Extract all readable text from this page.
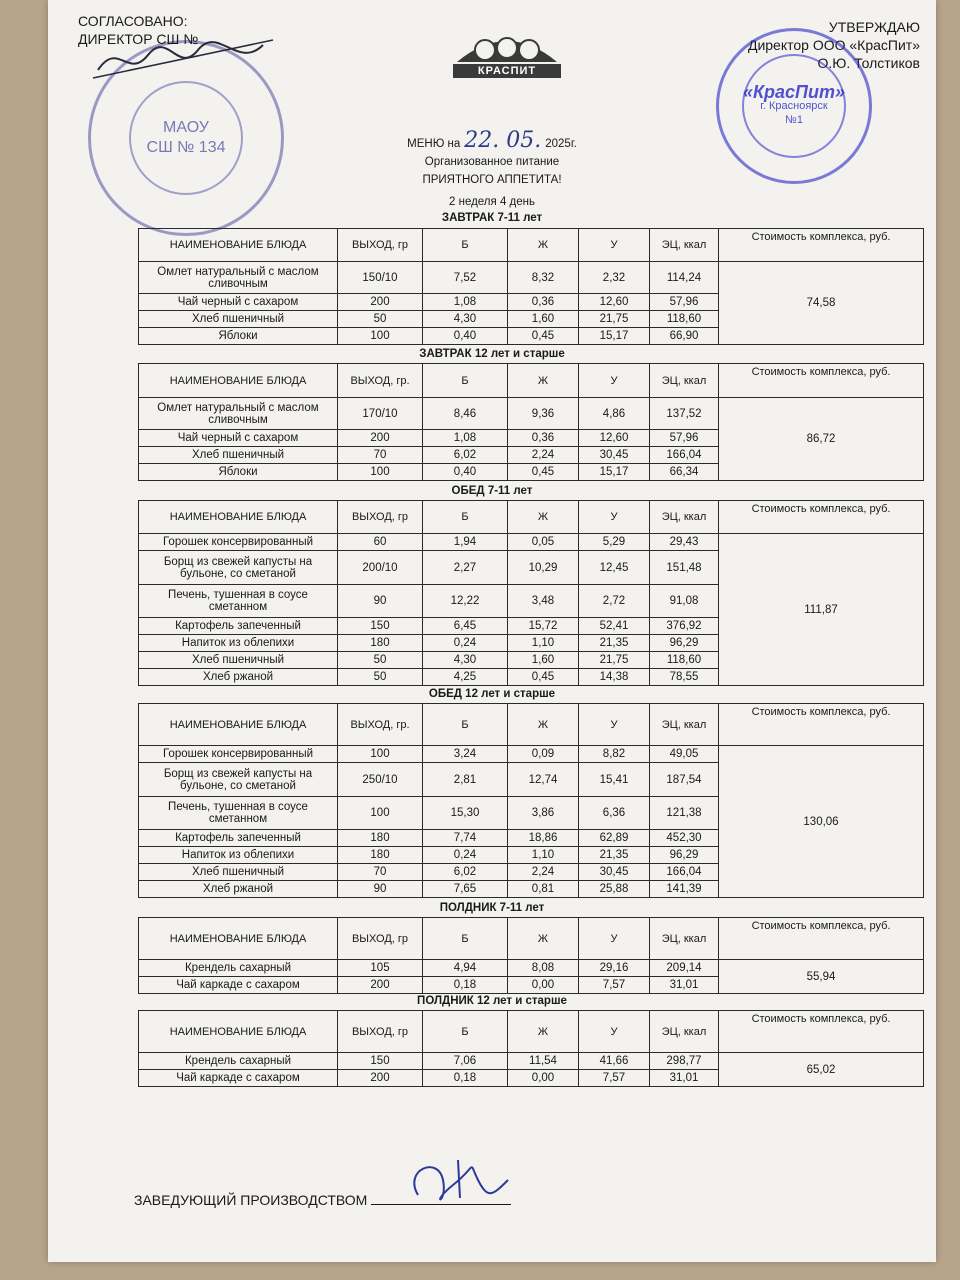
МАОУ
СШ № 134
СОГЛАСОВАНО:
ДИРЕКТОР СШ №
КРАСПИТ
УТВЕРЖДАЮ
Директор ООО «КрасПит»
О.Ю. Толстиков
«КрасПит»
г. Красноярск
№1
МЕНЮ на 22. 05. 2025г.
Организованное питание
ПРИЯТНОГО АППЕТИТА!
2 неделя 4 день
ЗАВТРАК 7-11 лет
НАИМЕНОВАНИЕ БЛЮДА	ВЫХОД, гр	Б	Ж	У	ЭЦ, ккал	Стоимость комплекса, руб.
Омлет натуральный с маслом сливочным	150/10	7,52	8,32	2,32	114,24	74,58
Чай черный с сахаром	200	1,08	0,36	12,60	57,96	
Хлеб пшеничный	50	4,30	1,60	21,75	118,60	
Яблоки	100	0,40	0,45	15,17	66,90	
ЗАВТРАК 12 лет и старше
НАИМЕНОВАНИЕ БЛЮДА	ВЫХОД, гр.	Б	Ж	У	ЭЦ, ккал	Стоимость комплекса, руб.
Омлет натуральный с маслом сливочным	170/10	8,46	9,36	4,86	137,52	86,72
Чай черный с сахаром	200	1,08	0,36	12,60	57,96	
Хлеб пшеничный	70	6,02	2,24	30,45	166,04	
Яблоки	100	0,40	0,45	15,17	66,34	
ОБЕД 7-11 лет
НАИМЕНОВАНИЕ БЛЮДА	ВЫХОД, гр	Б	Ж	У	ЭЦ, ккал	Стоимость комплекса, руб.
Горошек консервированный	60	1,94	0,05	5,29	29,43	111,87
Борщ из свежей капусты на бульоне, со сметаной	200/10	2,27	10,29	12,45	151,48	
Печень, тушенная в соусе сметанном	90	12,22	3,48	2,72	91,08	
Картофель запеченный	150	6,45	15,72	52,41	376,92	
Напиток из облепихи	180	0,24	1,10	21,35	96,29	
Хлеб пшеничный	50	4,30	1,60	21,75	118,60	
Хлеб ржаной	50	4,25	0,45	14,38	78,55	
ОБЕД 12 лет и старше
НАИМЕНОВАНИЕ БЛЮДА	ВЫХОД, гр.	Б	Ж	У	ЭЦ, ккал	Стоимость комплекса, руб.
Горошек консервированный	100	3,24	0,09	8,82	49,05	130,06
Борщ из свежей капусты на бульоне, со сметаной	250/10	2,81	12,74	15,41	187,54	
Печень, тушенная в соусе сметанном	100	15,30	3,86	6,36	121,38	
Картофель запеченный	180	7,74	18,86	62,89	452,30	
Напиток из облепихи	180	0,24	1,10	21,35	96,29	
Хлеб пшеничный	70	6,02	2,24	30,45	166,04	
Хлеб ржаной	90	7,65	0,81	25,88	141,39	
ПОЛДНИК 7-11 лет
НАИМЕНОВАНИЕ БЛЮДА	ВЫХОД, гр	Б	Ж	У	ЭЦ, ккал	Стоимость комплекса, руб.
Крендель сахарный	105	4,94	8,08	29,16	209,14	55,94
Чай каркаде с сахаром	200	0,18	0,00	7,57	31,01	
ПОЛДНИК 12 лет и старше
НАИМЕНОВАНИЕ БЛЮДА	ВЫХОД, гр	Б	Ж	У	ЭЦ, ккал	Стоимость комплекса, руб.
Крендель сахарный	150	7,06	11,54	41,66	298,77	65,02
Чай каркаде с сахаром	200	0,18	0,00	7,57	31,01	
ЗАВЕДУЮЩИЙ ПРОИЗВОДСТВОМ
